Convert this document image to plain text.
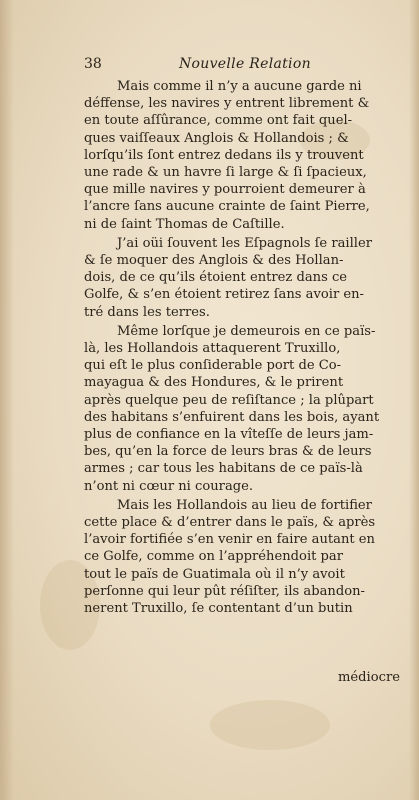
38	Nouvelle Relation
Mais comme il n’y a aucune garde ni
déffense, les navires y entrent librement &
en toute aſſûrance, comme ont fait quel-
ques vaiſſeaux Anglois & Hollandois ; &
lorſqu’ils ſont entrez dedans ils y trouvent
une rade & un havre ſi large & ſi ſpacieux,
que mille navires y pourroient demeurer à
l’ancre ſans aucune crainte de ſaint Pierre,
ni de ſaint Thomas de Caſtille.
J’ai oüi ſouvent les Eſpagnols ſe railler
& ſe moquer des Anglois & des Hollan-
dois, de ce qu’ils étoient entrez dans ce
Golfe, & s’en étoient retirez ſans avoir en-
tré dans les terres.
Même lorſque je demeurois en ce païs-
là, les Hollandois attaquerent Truxillo,
qui eſt le plus conſiderable port de Co-
mayagua & des Hondures, & le prirent
après quelque peu de reſiſtance ; la plûpart
des habitans s’enfuirent dans les bois, ayant
plus de confiance en la vîteſſe de leurs jam-
bes, qu’en la force de leurs bras & de leurs
armes ; car tous les habitans de ce païs-là
n’ont ni cœur ni courage.
Mais les Hollandois au lieu de fortifier
cette place & d’entrer dans le païs, & après
l’avoir fortifiée s’en venir en faire autant en
ce Golfe, comme on l’appréhendoit par
tout le païs de Guatimala où il n’y avoit
perſonne qui leur pût réſiſter, ils abandon-
nerent Truxillo, ſe contentant d’un butin
médiocre
